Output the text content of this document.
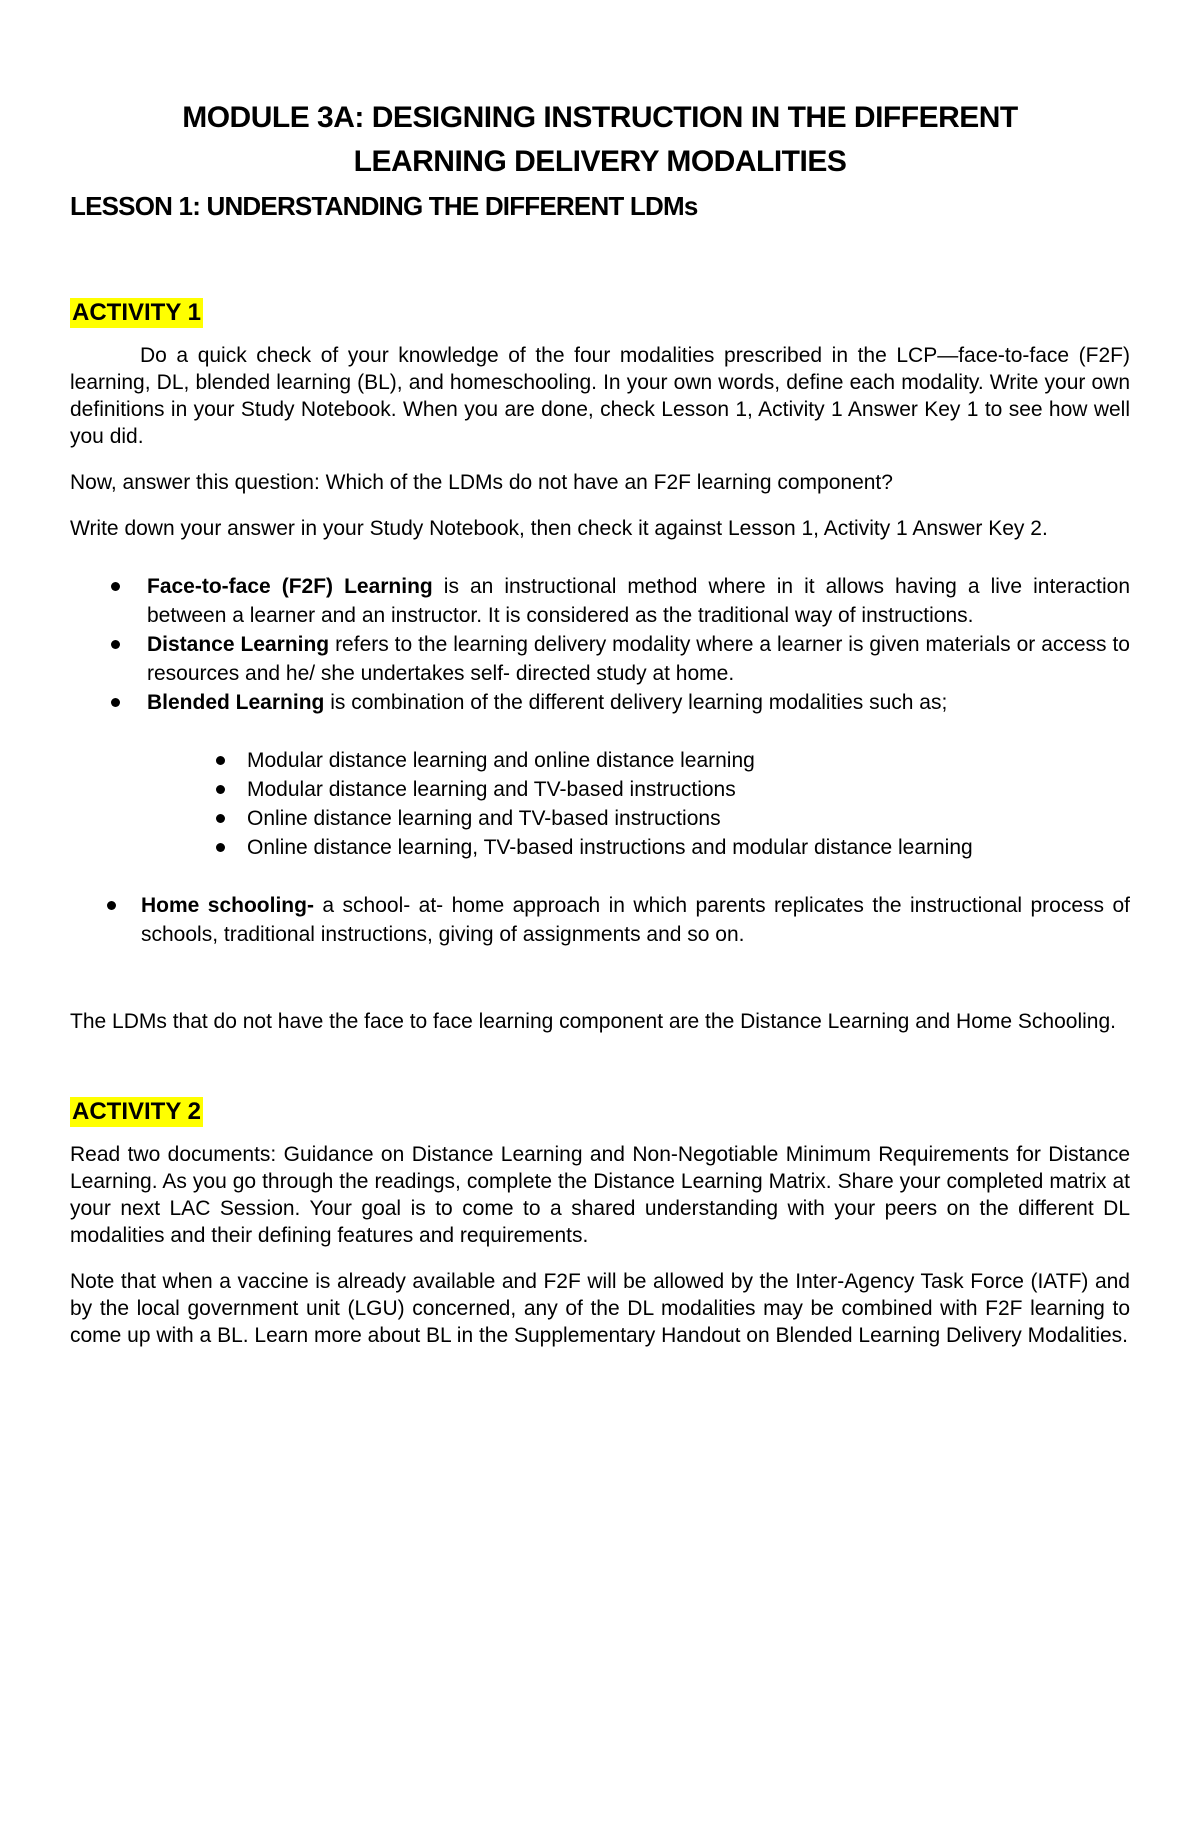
MODULE 3A: DESIGNING INSTRUCTION IN THE DIFFERENT
LEARNING DELIVERY MODALITIES
LESSON 1: UNDERSTANDING THE DIFFERENT LDMs
ACTIVITY 1

Do a quick check of your knowledge of the four modalities prescribed in the LCP—face-to-face (F2F) learning, DL, blended learning (BL), and homeschooling. In your own words, define each modality. Write your own definitions in your Study Notebook. When you are done, check Lesson 1, Activity 1 Answer Key 1 to see how well you did.

Now, answer this question: Which of the LDMs do not have an F2F learning component?

Write down your answer in your Study Notebook, then check it against Lesson 1, Activity 1 Answer Key 2.

Face-to-face (F2F) Learning is an instructional method where in it allows having a live interaction between a learner and an instructor. It is considered as the traditional way of instructions.
Distance Learning refers to the learning delivery modality where a learner is given materials or access to resources and he/ she undertakes self- directed study at home.
Blended Learning is combination of the different delivery learning modalities such as;
Modular distance learning and online distance learning
Modular distance learning and TV-based instructions
Online distance learning and TV-based instructions
Online distance learning, TV-based instructions and modular distance learning
Home schooling- a school- at- home approach in which parents replicates the instructional process of schools, traditional instructions, giving of assignments and so on.

The LDMs that do not have the face to face learning component are the Distance Learning and Home Schooling.

ACTIVITY 2

Read two documents: Guidance on Distance Learning and Non-Negotiable Minimum Requirements for Distance Learning. As you go through the readings, complete the Distance Learning Matrix. Share your completed matrix at your next LAC Session. Your goal is to come to a shared understanding with your peers on the different DL modalities and their defining features and requirements.

Note that when a vaccine is already available and F2F will be allowed by the Inter-Agency Task Force (IATF) and by the local government unit (LGU) concerned, any of the DL modalities may be combined with F2F learning to come up with a BL. Learn more about BL in the Supplementary Handout on Blended Learning Delivery Modalities.
